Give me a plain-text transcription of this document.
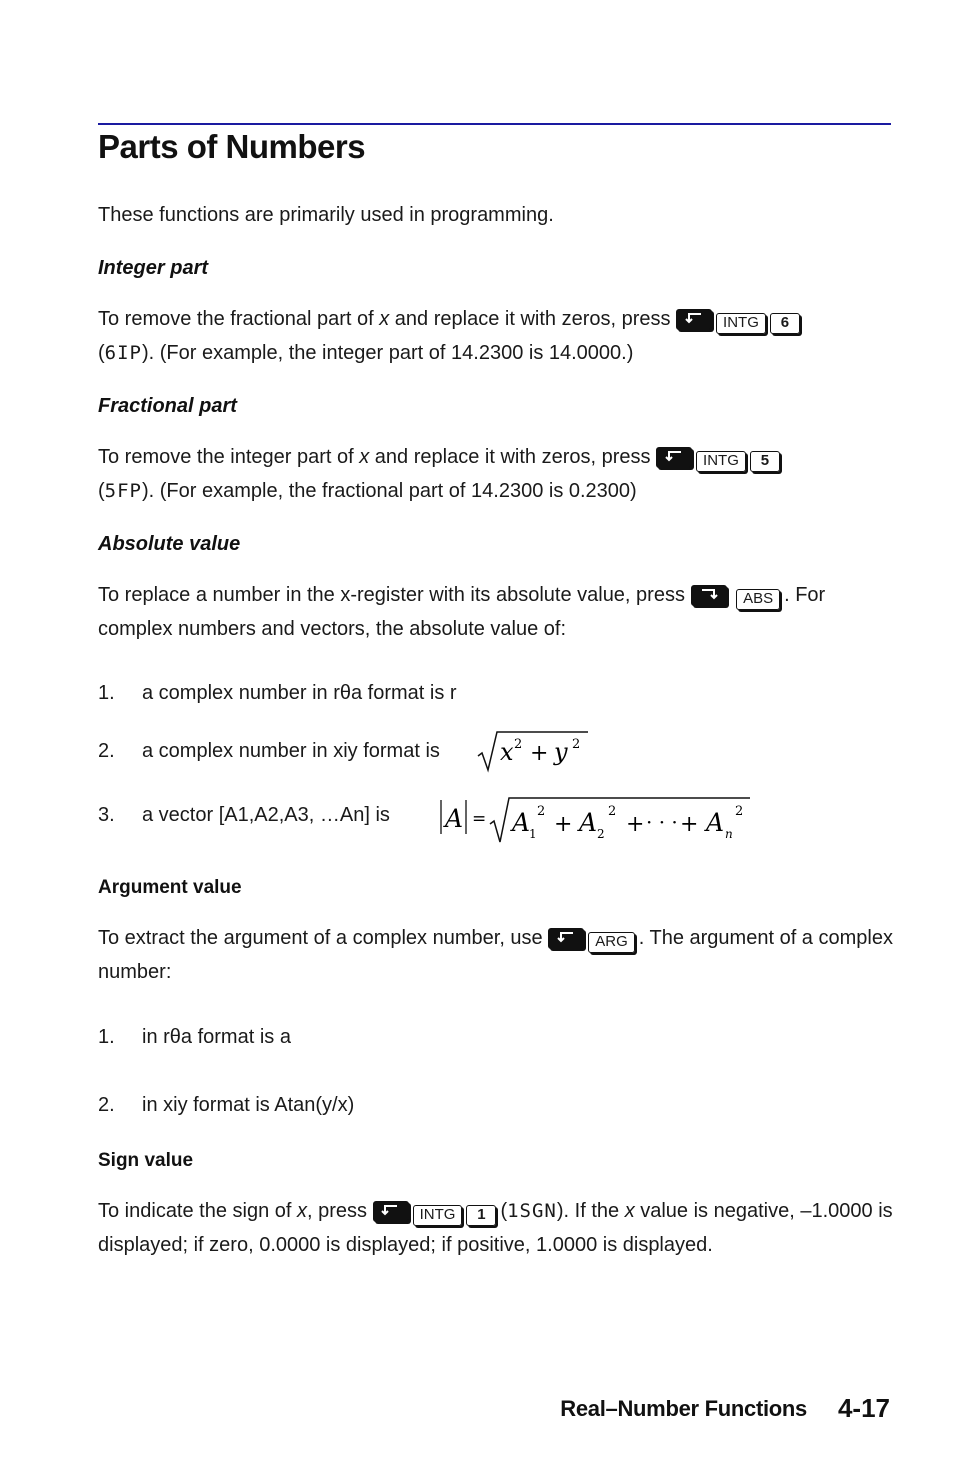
Parts of Numbers
These functions are primarily used in programming.
Integer part
To remove the fractional part of x and replace it with zeros, press	INTG 6
(6IP). (For example, the integer part of 14.2300 is 14.0000.)
Fractional part
To remove the integer part of x and replace it with zeros, press	INTG 5
(5FP). (For example, the fractional part of 14.2300 is 0.2300)
Absolute value
To replace a number in the x-register with its absolute value, press	ABS . For complex numbers and vectors, the absolute value of:
1. a complex number in rθa format is r
2. a complex number in xiy format is	x 2 + y 2
3. a vector [A1,A2,A3, …An] is A = A
1
2
+ A 2
2
+ · · · + A n
2
Argument value
To extract the argument of a complex number, use	ARG . The argument of a complex number:
1. in rθa format is a
2. in xiy format is Atan(y/x)
Sign value
To indicate the sign of x, press	INTG 1 (1SGN). If the x value is negative, –1.0000 is displayed; if zero, 0.0000 is displayed; if positive, 1.0000 is displayed.
Real–Number Functions 4-17
